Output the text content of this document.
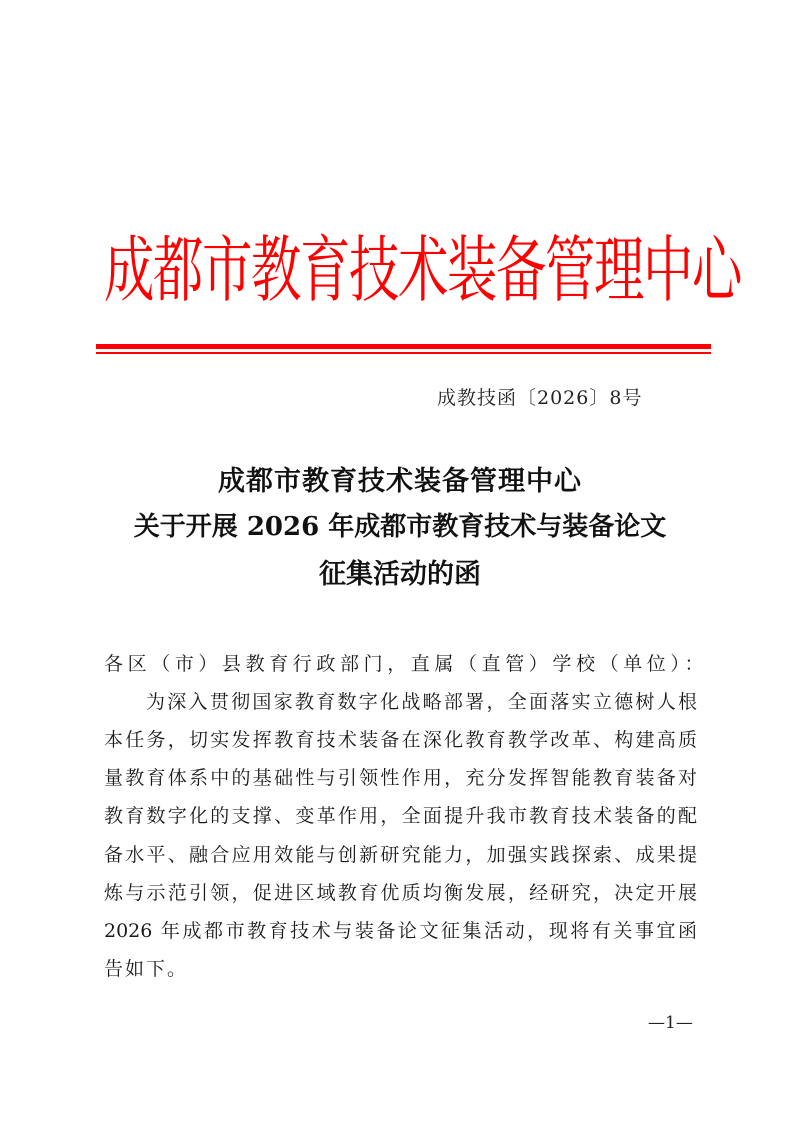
成都市教育技术装备管理中心
成教技函〔2026〕8号
成都市教育技术装备管理中心
关于开展 2026 年成都市教育技术与装备论文
征集活动的函
各区（市）县教育行政部门，直属（直管）学校（单位）：
为深入贯彻国家教育数字化战略部署，全面落实立德树人根
本任务，切实发挥教育技术装备在深化教育教学改革、构建高质
量教育体系中的基础性与引领性作用，充分发挥智能教育装备对
教育数字化的支撑、变革作用，全面提升我市教育技术装备的配
备水平、融合应用效能与创新研究能力，加强实践探索、成果提
炼与示范引领，促进区域教育优质均衡发展，经研究，决定开展
2026 年成都市教育技术与装备论文征集活动，现将有关事宜函
告如下。
—1—
